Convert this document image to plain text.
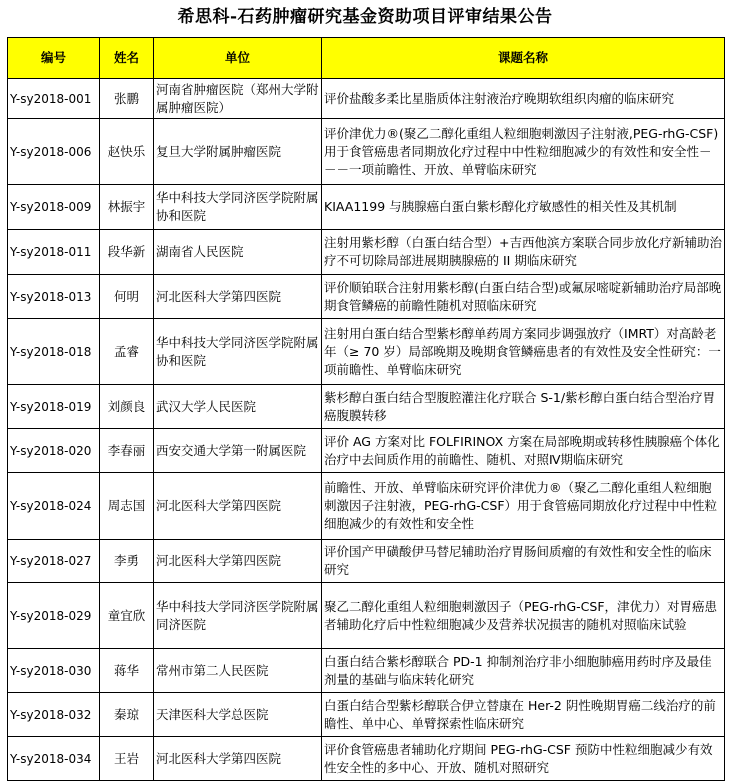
希思科-石药肿瘤研究基金资助项目评审结果公告
编号	姓名	单位	课题名称
Y-sy2018-001	张鹏	河南省肿瘤医院（郑州大学附属肿瘤医院）	评价盐酸多柔比星脂质体注射液治疗晚期软组织肉瘤的临床研究
Y-sy2018-006	赵快乐	复旦大学附属肿瘤医院	评价津优力®(聚乙二醇化重组人粒细胞刺激因子注射液,PEG-rhG-CSF)用于食管癌患者同期放化疗过程中中性粒细胞减少的有效性和安全性－－－一项前瞻性、开放、单臂临床研究
Y-sy2018-009	林振宇	华中科技大学同济医学院附属协和医院	KIAA1199 与胰腺癌白蛋白紫杉醇化疗敏感性的相关性及其机制
Y-sy2018-011	段华新	湖南省人民医院	注射用紫杉醇（白蛋白结合型）+吉西他滨方案联合同步放化疗新辅助治疗不可切除局部进展期胰腺癌的 II 期临床研究
Y-sy2018-013	何明	河北医科大学第四医院	评价顺铂联合注射用紫杉醇(白蛋白结合型)或氟尿嘧啶新辅助治疗局部晚期食管鳞癌的前瞻性随机对照临床研究
Y-sy2018-018	孟睿	华中科技大学同济医学院附属协和医院	注射用白蛋白结合型紫杉醇单药周方案同步调强放疗（IMRT）对高龄老年（≥ 70 岁）局部晚期及晚期食管鳞癌患者的有效性及安全性研究：一项前瞻性、单臂临床研究
Y-sy2018-019	刘颜良	武汉大学人民医院	紫杉醇白蛋白结合型腹腔灌注化疗联合 S-1/紫杉醇白蛋白结合型治疗胃癌腹膜转移
Y-sy2018-020	李春丽	西安交通大学第一附属医院	评价 AG 方案对比 FOLFIRINOX 方案在局部晚期或转移性胰腺癌个体化治疗中去间质作用的前瞻性、随机、对照Ⅳ期临床研究
Y-sy2018-024	周志国	河北医科大学第四医院	前瞻性、开放、单臂临床研究评价津优力®（聚乙二醇化重组人粒细胞刺激因子注射液，PEG-rhG-CSF）用于食管癌同期放化疗过程中中性粒细胞减少的有效性和安全性
Y-sy2018-027	李勇	河北医科大学第四医院	评价国产甲磺酸伊马替尼辅助治疗胃肠间质瘤的有效性和安全性的临床研究
Y-sy2018-029	童宜欣	华中科技大学同济医学院附属同济医院	聚乙二醇化重组人粒细胞刺激因子（PEG-rhG-CSF，津优力）对胃癌患者辅助化疗后中性粒细胞减少及营养状况损害的随机对照临床试验
Y-sy2018-030	蒋华	常州市第二人民医院	白蛋白结合紫杉醇联合 PD-1 抑制剂治疗非小细胞肺癌用药时序及最佳剂量的基础与临床转化研究
Y-sy2018-032	秦琼	天津医科大学总医院	白蛋白结合型紫杉醇联合伊立替康在 Her-2 阴性晚期胃癌二线治疗的前瞻性、单中心、单臂探索性临床研究
Y-sy2018-034	王岩	河北医科大学第四医院	评价食管癌患者辅助化疗期间 PEG-rhG-CSF 预防中性粒细胞减少有效性安全性的多中心、开放、随机对照研究
